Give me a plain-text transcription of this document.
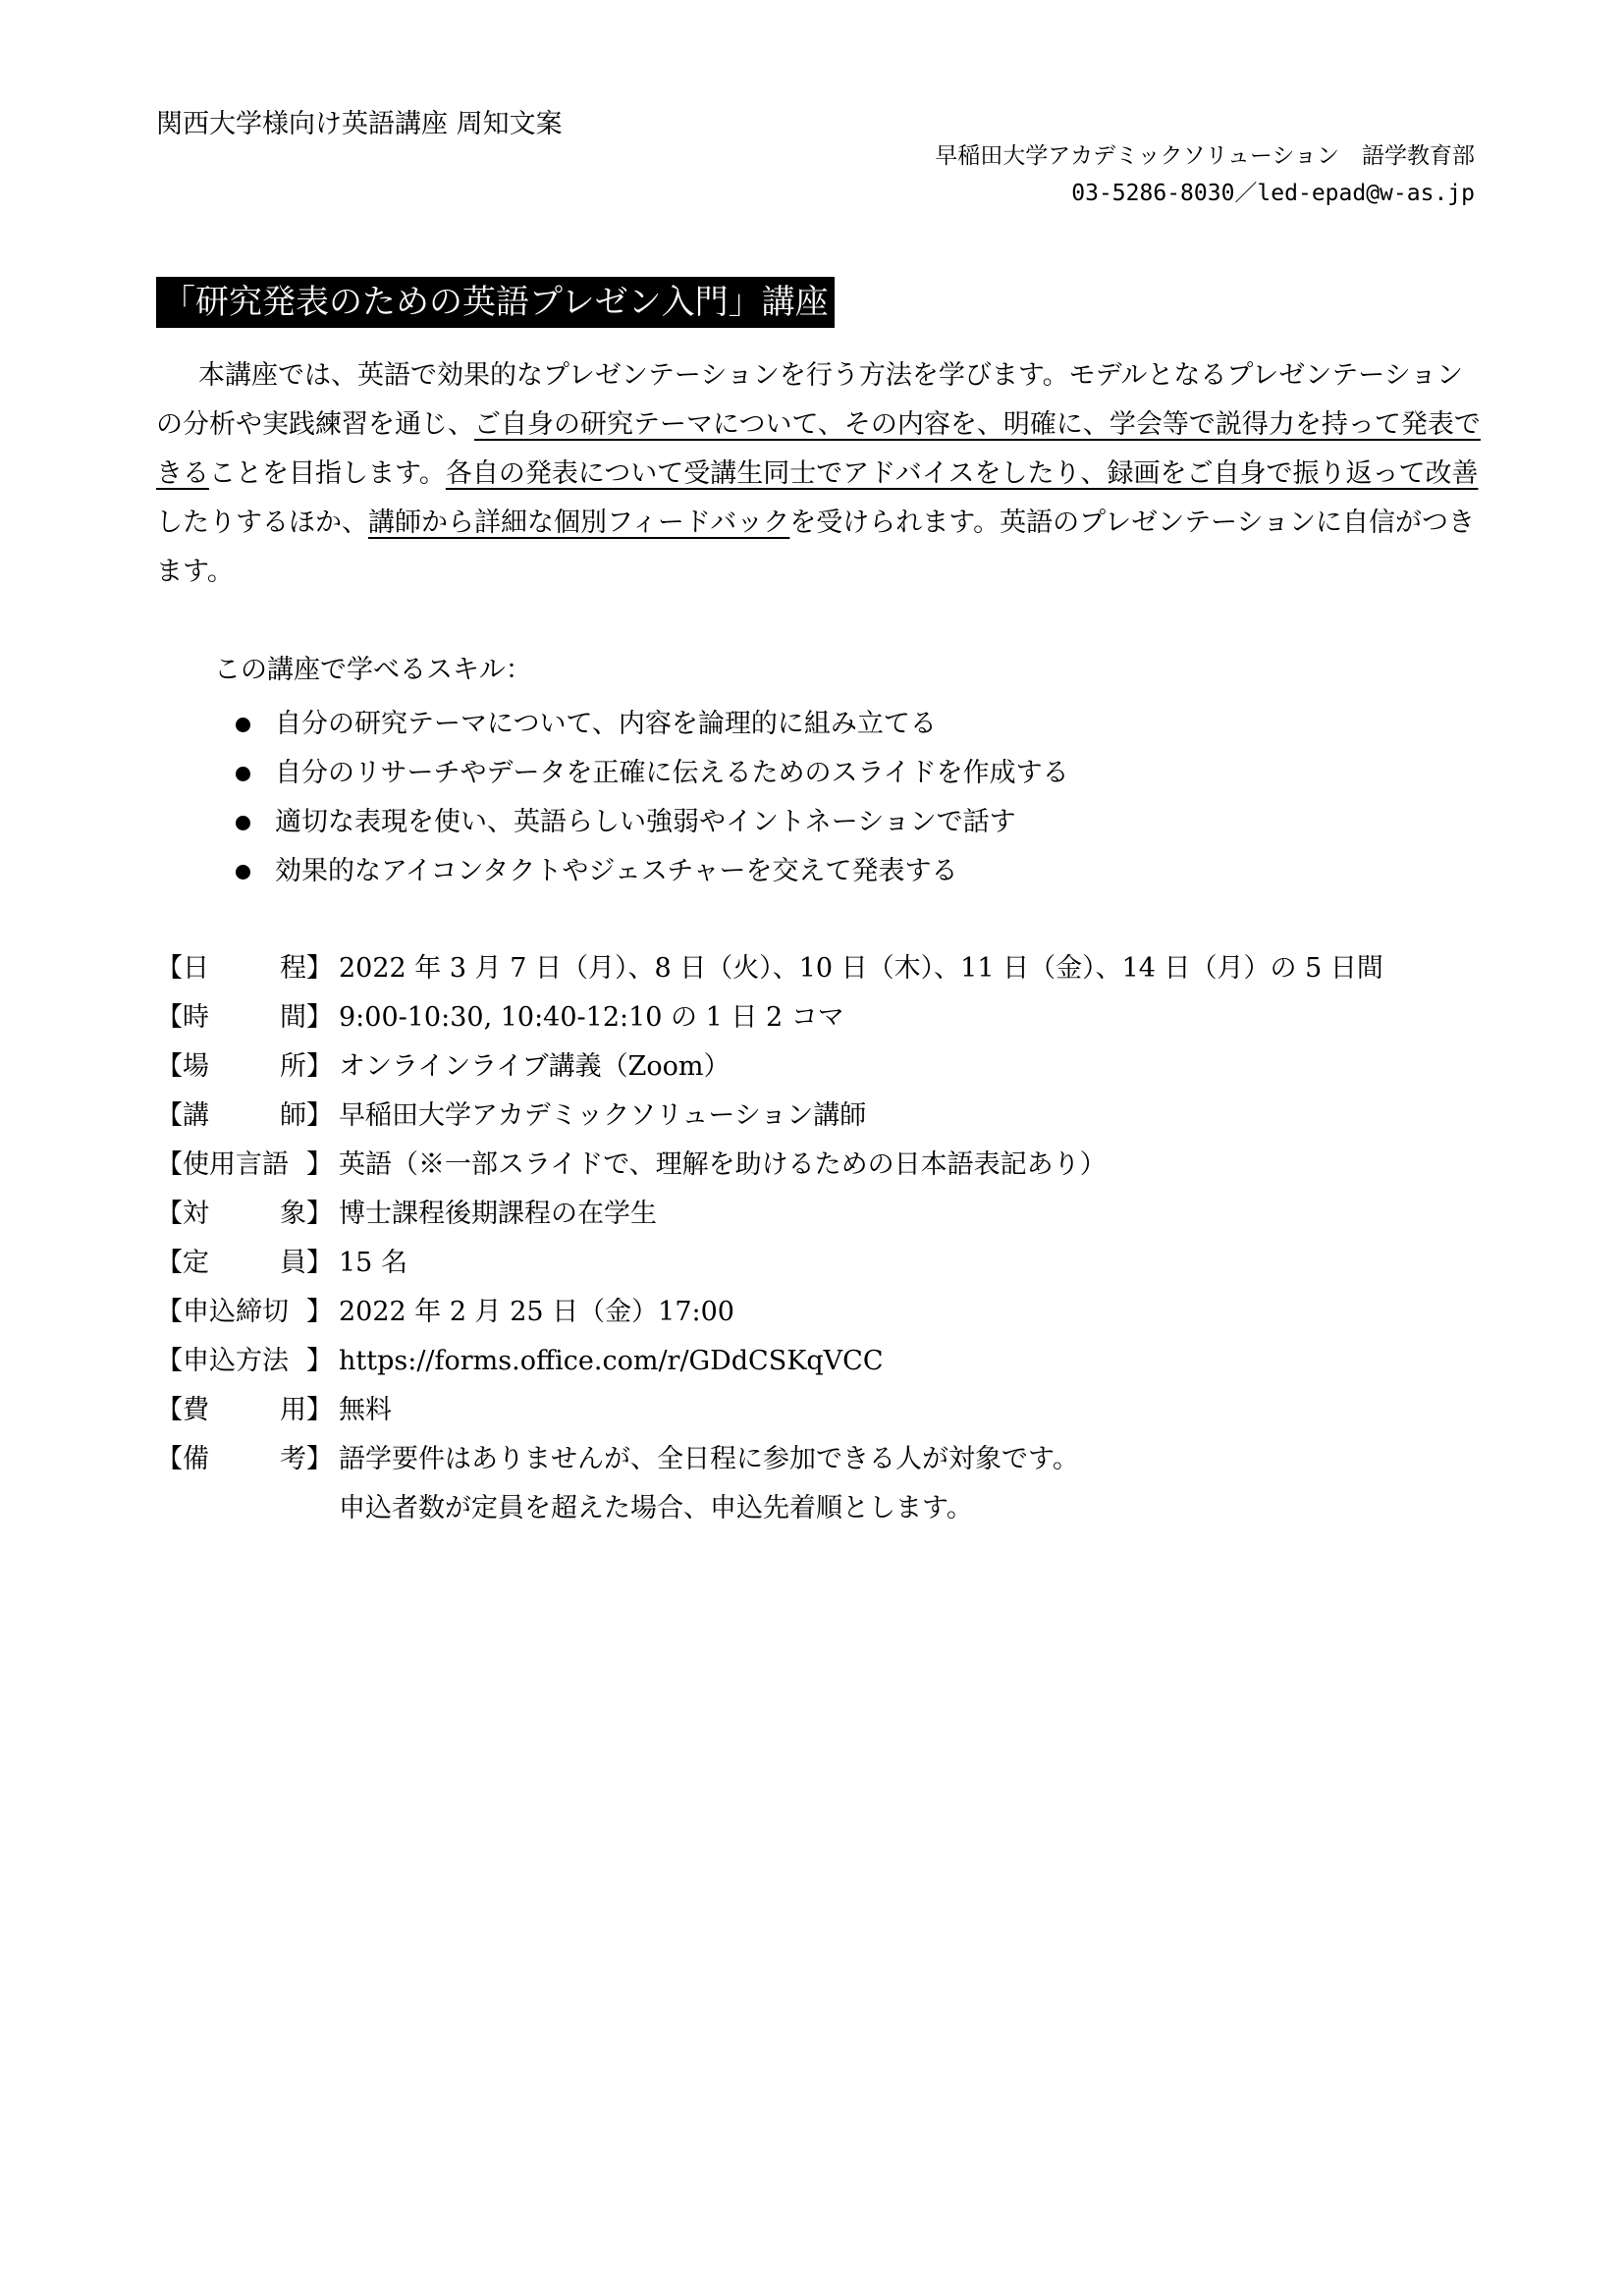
関西大学様向け英語講座 周知文案
早稲田大学アカデミックソリューション　語学教育部
03-5286-8030／led-epad@w-as.jp
「研究発表のための英語プレゼン入門」講座

本講座では、英語で効果的なプレゼンテーションを行う方法を学びます。モデルとなるプレゼンテーションの分析や実践練習を通じ、ご自身の研究テーマについて、その内容を、明確に、学会等で説得力を持って発表できることを目指します。各自の発表について受講生同士でアドバイスをしたり、録画をご自身で振り返って改善したりするほか、講師から詳細な個別フィードバックを受けられます。英語のプレゼンテーションに自信がつきます。

この講座で学べるスキル：
自分の研究テーマについて、内容を論理的に組み立てる
自分のリサーチやデータを正確に伝えるためのスライドを作成する
適切な表現を使い、英語らしい強弱やイントネーションで話す
効果的なアイコンタクトやジェスチャーを交えて発表する
【 日	程 】 2022 年 3 月 7 日（月）、8 日（火）、10 日（木）、11 日（金）、14 日（月）の 5 日間
【 時	間 】 9:00-10:30, 10:40-12:10 の 1 日 2 コマ
【 場	所 】 オンラインライブ講義（Zoom）
【 講	師 】 早稲田大学アカデミックソリューション講師
【 使用言語 】 英語（※一部スライドで、理解を助けるための日本語表記あり）
【 対	象 】 博士課程後期課程の在学生
【 定	員 】 15 名
【 申込締切 】 2022 年 2 月 25 日（金）17:00
【 申込方法 】 https://forms.office.com/r/GDdCSKqVCC
【 費	用 】 無料
【 備	考 】 語学要件はありませんが、全日程に参加できる人が対象です。
申込者数が定員を超えた場合、申込先着順とします。
